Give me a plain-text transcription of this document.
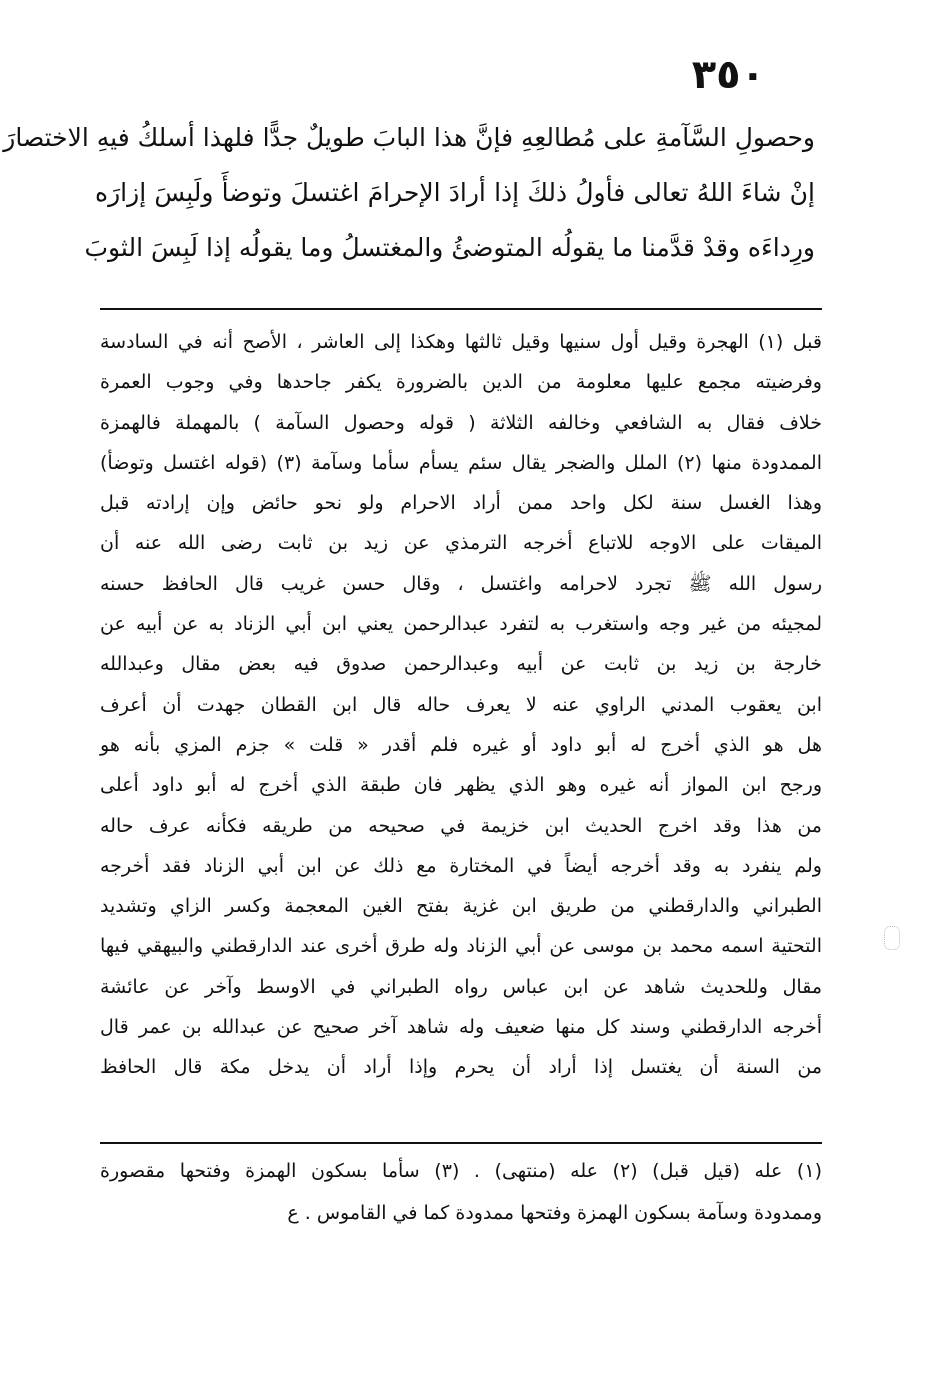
٣٥٠
وحصولِ السَّآمةِ على مُطالعِهِ فإنَّ هذا البابَ طويلٌ جدًّا فلهذا أسلكُ فيهِ الاختصارَ
إنْ شاءَ اللهُ تعالى فأولُ ذلكَ إذا أرادَ الإحرامَ اغتسلَ وتوضأَ ولَبِسَ إزارَه
ورِداءَه وقدْ قدَّمنا ما يقولُه المتوضئُ والمغتسلُ وما يقولُه إذا لَبِسَ الثوبَ
قبل (١) الهجرة وقيل أول سنيها وقيل ثالثها وهكذا إلى العاشر ، الأصح أنه في السادسة
وفرضيته مجمع عليها معلومة من الدين بالضرورة يكفر جاحدها وفي وجوب العمرة
خلاف فقال به الشافعي وخالفه الثلاثة ( قوله وحصول السآمة ) بالمهملة فالهمزة
الممدودة منها (٢) الملل والضجر يقال سئم يسأم سأما وسآمة (٣) (قوله اغتسل وتوضأ)
وهذا الغسل سنة لكل واحد ممن أراد الاحرام ولو نحو حائض وإن إرادته قبل
الميقات على الاوجه للاتباع أخرجه الترمذي عن زيد بن ثابت رضى الله عنه أن
رسول الله ﷺ تجرد لاحرامه واغتسل ، وقال حسن غريب قال الحافظ حسنه
لمجيئه من غير وجه واستغرب به لتفرد عبدالرحمن يعني ابن أبي الزناد به عن أبيه عن
خارجة بن زيد بن ثابت عن أبيه وعبدالرحمن صدوق فيه بعض مقال وعبدالله
ابن يعقوب المدني الراوي عنه لا يعرف حاله قال ابن القطان جهدت أن أعرف
هل هو الذي أخرج له أبو داود أو غيره فلم أقدر « قلت » جزم المزي بأنه هو
ورجح ابن المواز أنه غيره وهو الذي يظهر فان طبقة الذي أخرج له أبو داود أعلى
من هذا وقد اخرج الحديث ابن خزيمة في صحيحه من طريقه فكأنه عرف حاله
ولم ينفرد به وقد أخرجه أيضاً في المختارة مع ذلك عن ابن أبي الزناد فقد أخرجه
الطبراني والدارقطني من طريق ابن غزية بفتح الغين المعجمة وكسر الزاي وتشديد
التحتية اسمه محمد بن موسى عن أبي الزناد وله طرق أخرى عند الدارقطني والبيهقي فيها
مقال وللحديث شاهد عن ابن عباس رواه الطبراني في الاوسط وآخر عن عائشة
أخرجه الدارقطني وسند كل منها ضعيف وله شاهد آخر صحيح عن عبدالله بن عمر قال
من السنة أن يغتسل إذا أراد أن يحرم وإذا أراد أن يدخل مكة قال الحافظ
(١) عله (قيل قبل) (٢) عله (منتهى) . (٣) سأما بسكون الهمزة وفتحها مقصورة
وممدودة وسآمة بسكون الهمزة وفتحها ممدودة كما في القاموس . ع
